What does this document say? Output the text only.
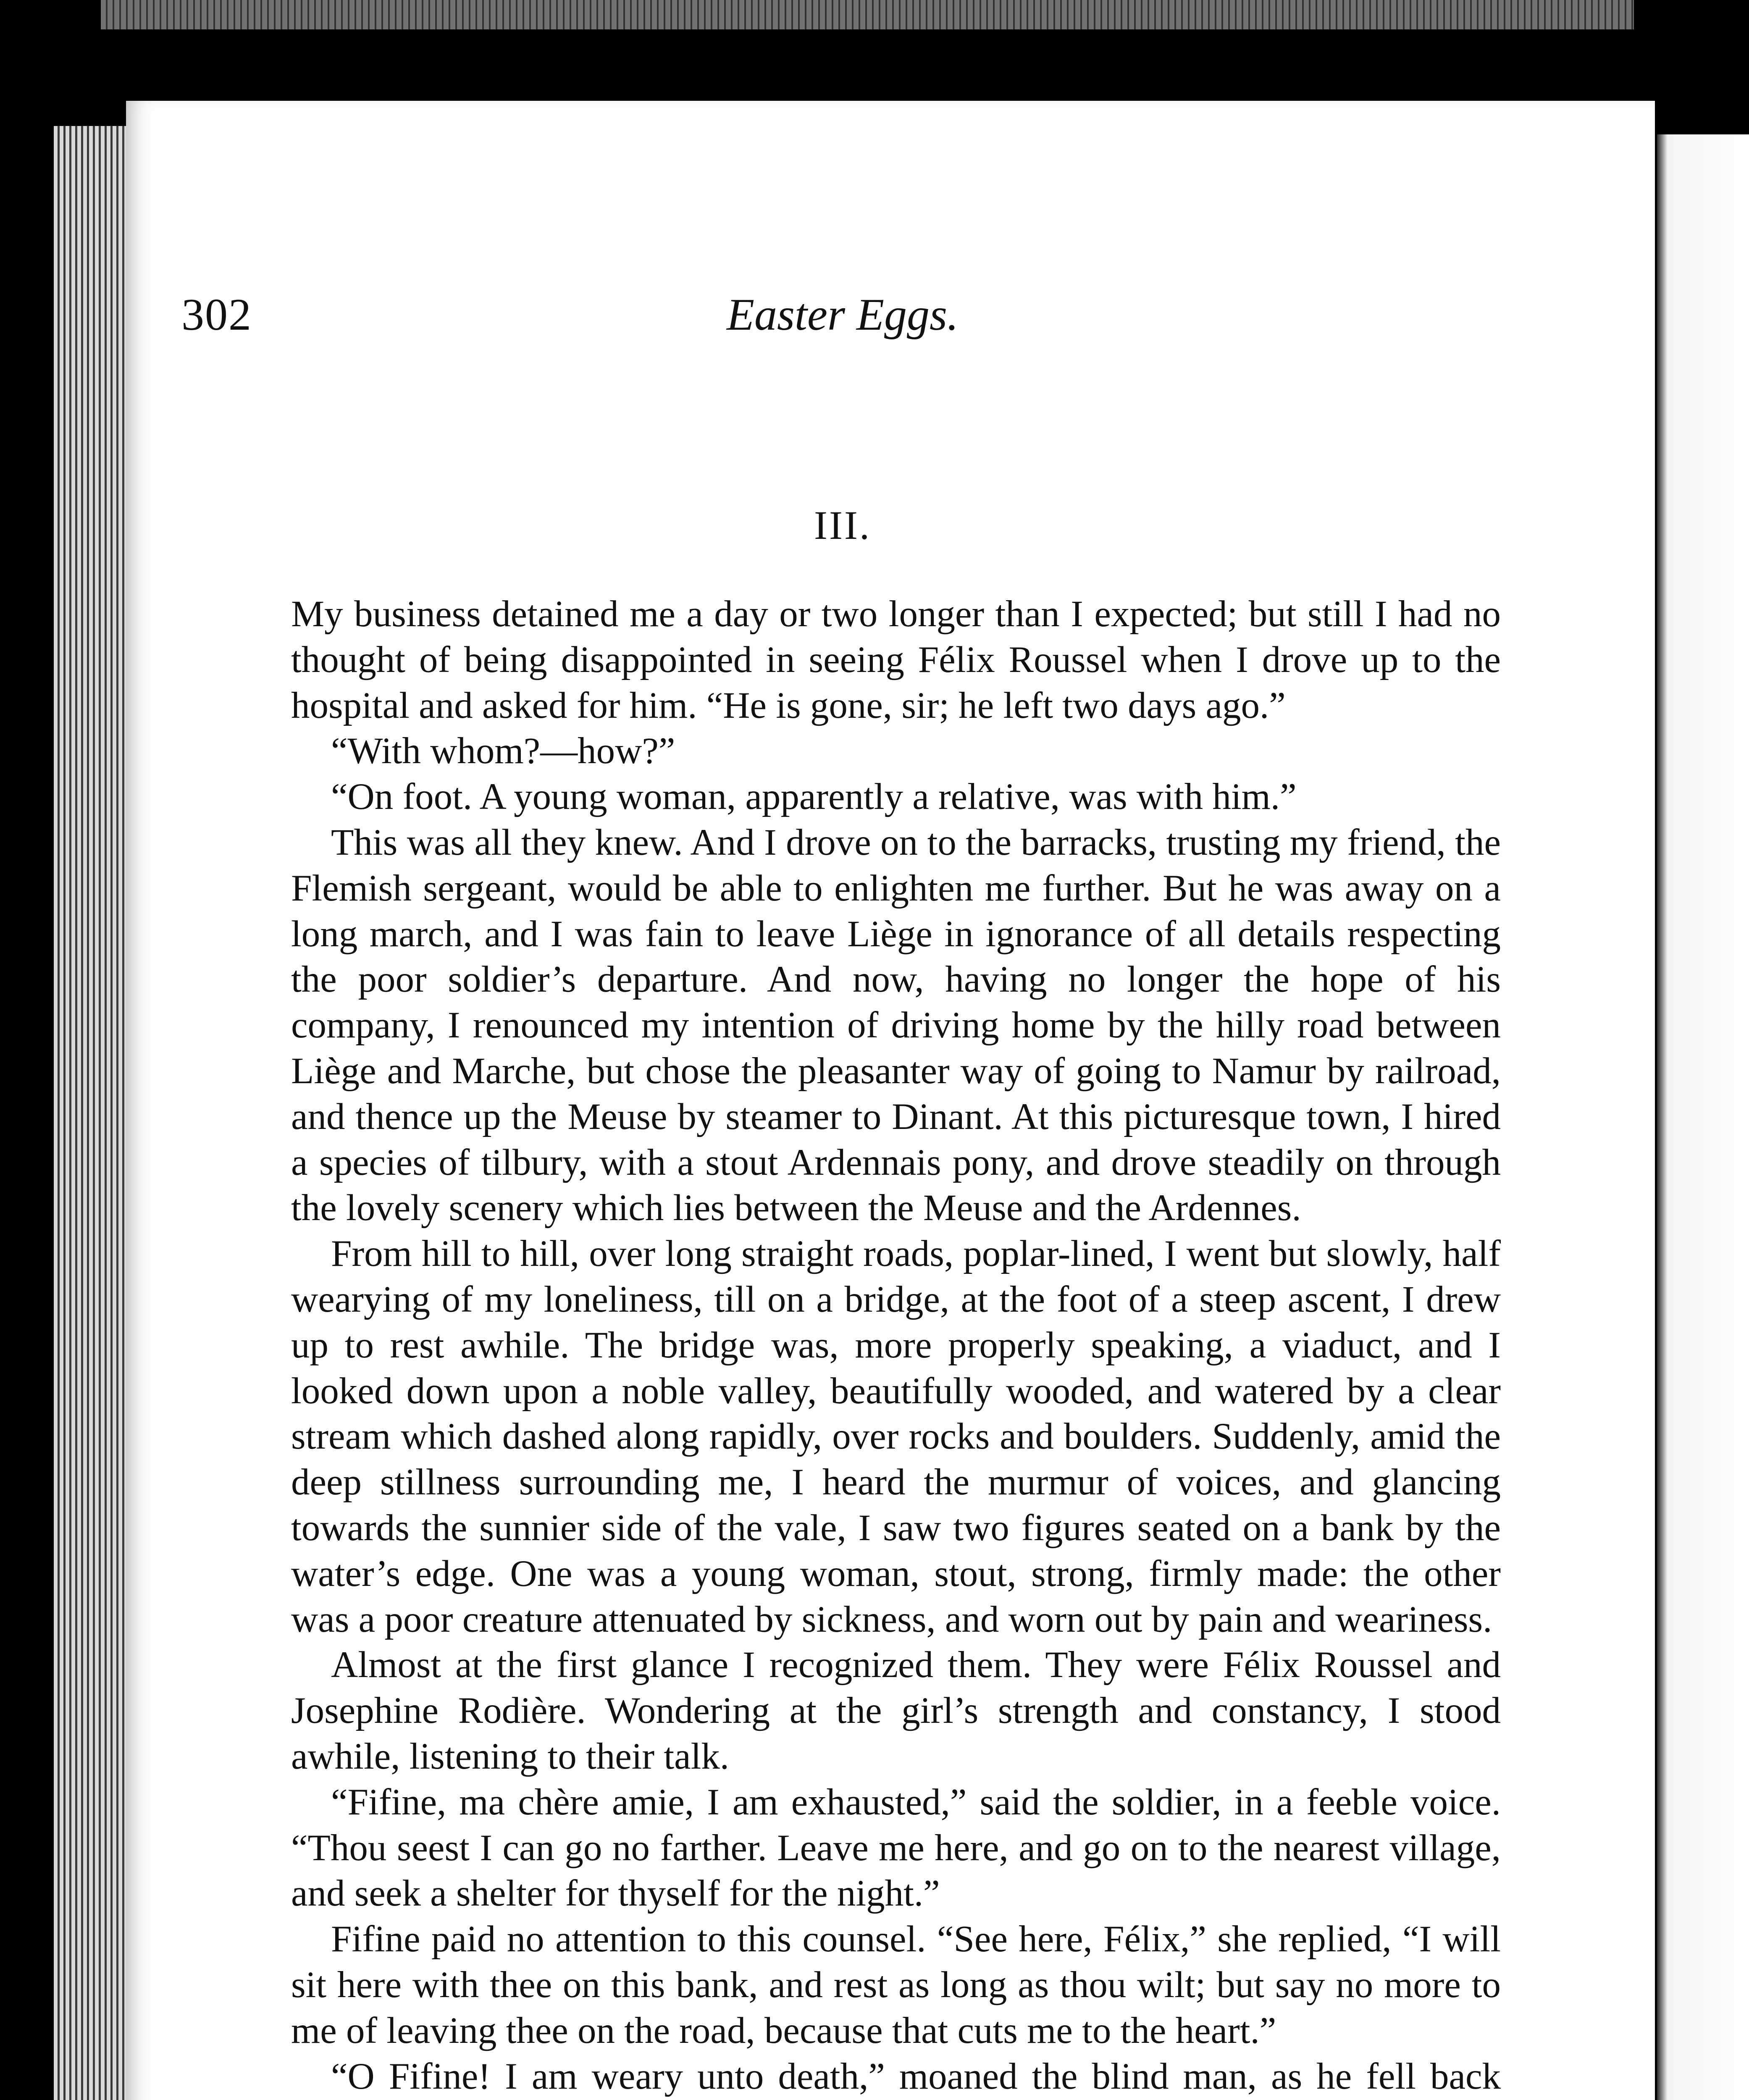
302	Easter Eggs.
III.

My business detained me a day or two longer than I expected; but still I had no thought of being disappointed in seeing Félix Roussel when I drove up to the hospital and asked for him. “He is gone, sir; he left two days ago.”

“With whom?—how?”

“On foot. A young woman, apparently a relative, was with him.”

This was all they knew. And I drove on to the barracks, trusting my friend, the Flemish sergeant, would be able to enlighten me further. But he was away on a long march, and I was fain to leave Liège in ignorance of all details respecting the poor soldier’s departure. And now, having no longer the hope of his company, I renounced my intention of driving home by the hilly road between Liège and Marche, but chose the pleasanter way of going to Namur by railroad, and thence up the Meuse by steamer to Dinant. At this picturesque town, I hired a species of tilbury, with a stout Ardennais pony, and drove steadily on through the lovely scenery which lies between the Meuse and the Ardennes.

From hill to hill, over long straight roads, poplar-lined, I went but slowly, half wearying of my loneliness, till on a bridge, at the foot of a steep ascent, I drew up to rest awhile. The bridge was, more properly speaking, a viaduct, and I looked down upon a noble valley, beautifully wooded, and watered by a clear stream which dashed along rapidly, over rocks and boulders. Suddenly, amid the deep stillness surrounding me, I heard the murmur of voices, and glancing towards the sunnier side of the vale, I saw two figures seated on a bank by the water’s edge. One was a young woman, stout, strong, firmly made: the other was a poor creature attenuated by sickness, and worn out by pain and weariness.

Almost at the first glance I recognized them. They were Félix Roussel and Josephine Rodière. Wondering at the girl’s strength and constancy, I stood awhile, listening to their talk.

“Fifine, ma chère amie, I am exhausted,” said the soldier, in a feeble voice. “Thou seest I can go no farther. Leave me here, and go on to the nearest village, and seek a shelter for thyself for the night.”

Fifine paid no attention to this counsel. “See here, Félix,” she replied, “I will sit here with thee on this bank, and rest as long as thou wilt; but say no more to me of leaving thee on the road, because that cuts me to the heart.”

“O Fifine! I am weary unto death,” moaned the blind man, as he fell back
